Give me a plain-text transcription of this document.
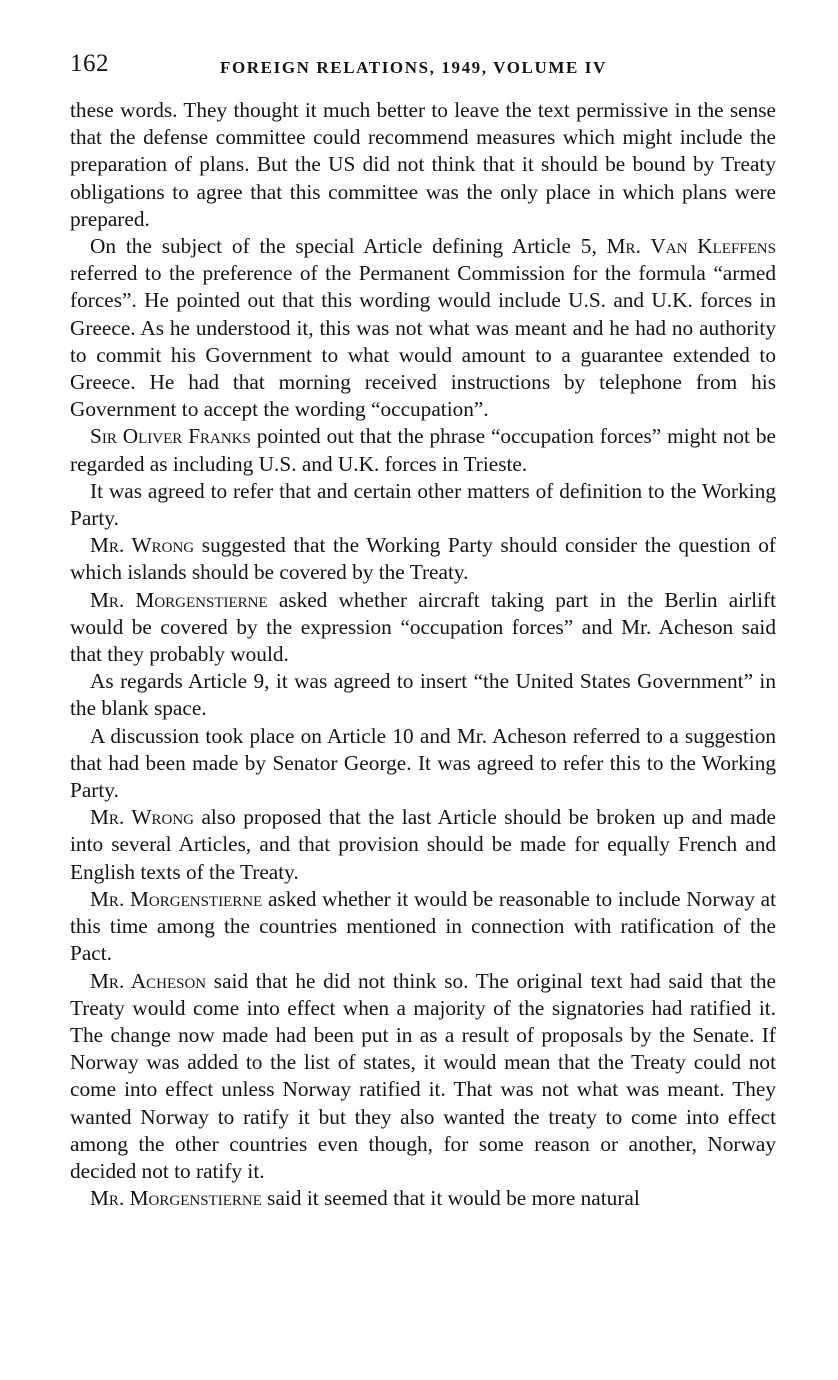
162	FOREIGN RELATIONS, 1949, VOLUME IV

these words. They thought it much better to leave the text permissive in the sense that the defense committee could recommend measures which might include the preparation of plans. But the US did not think that it should be bound by Treaty obligations to agree that this committee was the only place in which plans were prepared.

On the subject of the special Article defining Article 5, Mr. Van Kleffens referred to the preference of the Permanent Commission for the formula “armed forces”. He pointed out that this wording would include U.S. and U.K. forces in Greece. As he understood it, this was not what was meant and he had no authority to commit his Government to what would amount to a guarantee extended to Greece. He had that morning received instructions by telephone from his Government to accept the wording “occupation”.

Sir Oliver Franks pointed out that the phrase “occupation forces” might not be regarded as including U.S. and U.K. forces in Trieste.

It was agreed to refer that and certain other matters of definition to the Working Party.

Mr. Wrong suggested that the Working Party should consider the question of which islands should be covered by the Treaty.

Mr. Morgenstierne asked whether aircraft taking part in the Berlin airlift would be covered by the expression “occupation forces” and Mr. Acheson said that they probably would.

As regards Article 9, it was agreed to insert “the United States Government” in the blank space.

A discussion took place on Article 10 and Mr. Acheson referred to a suggestion that had been made by Senator George. It was agreed to refer this to the Working Party.

Mr. Wrong also proposed that the last Article should be broken up and made into several Articles, and that provision should be made for equally French and English texts of the Treaty.

Mr. Morgenstierne asked whether it would be reasonable to include Norway at this time among the countries mentioned in connection with ratification of the Pact.

Mr. Acheson said that he did not think so. The original text had said that the Treaty would come into effect when a majority of the signatories had ratified it. The change now made had been put in as a result of proposals by the Senate. If Norway was added to the list of states, it would mean that the Treaty could not come into effect unless Norway ratified it. That was not what was meant. They wanted Norway to ratify it but they also wanted the treaty to come into effect among the other countries even though, for some reason or another, Norway decided not to ratify it.

Mr. Morgenstierne said it seemed that it would be more natural
